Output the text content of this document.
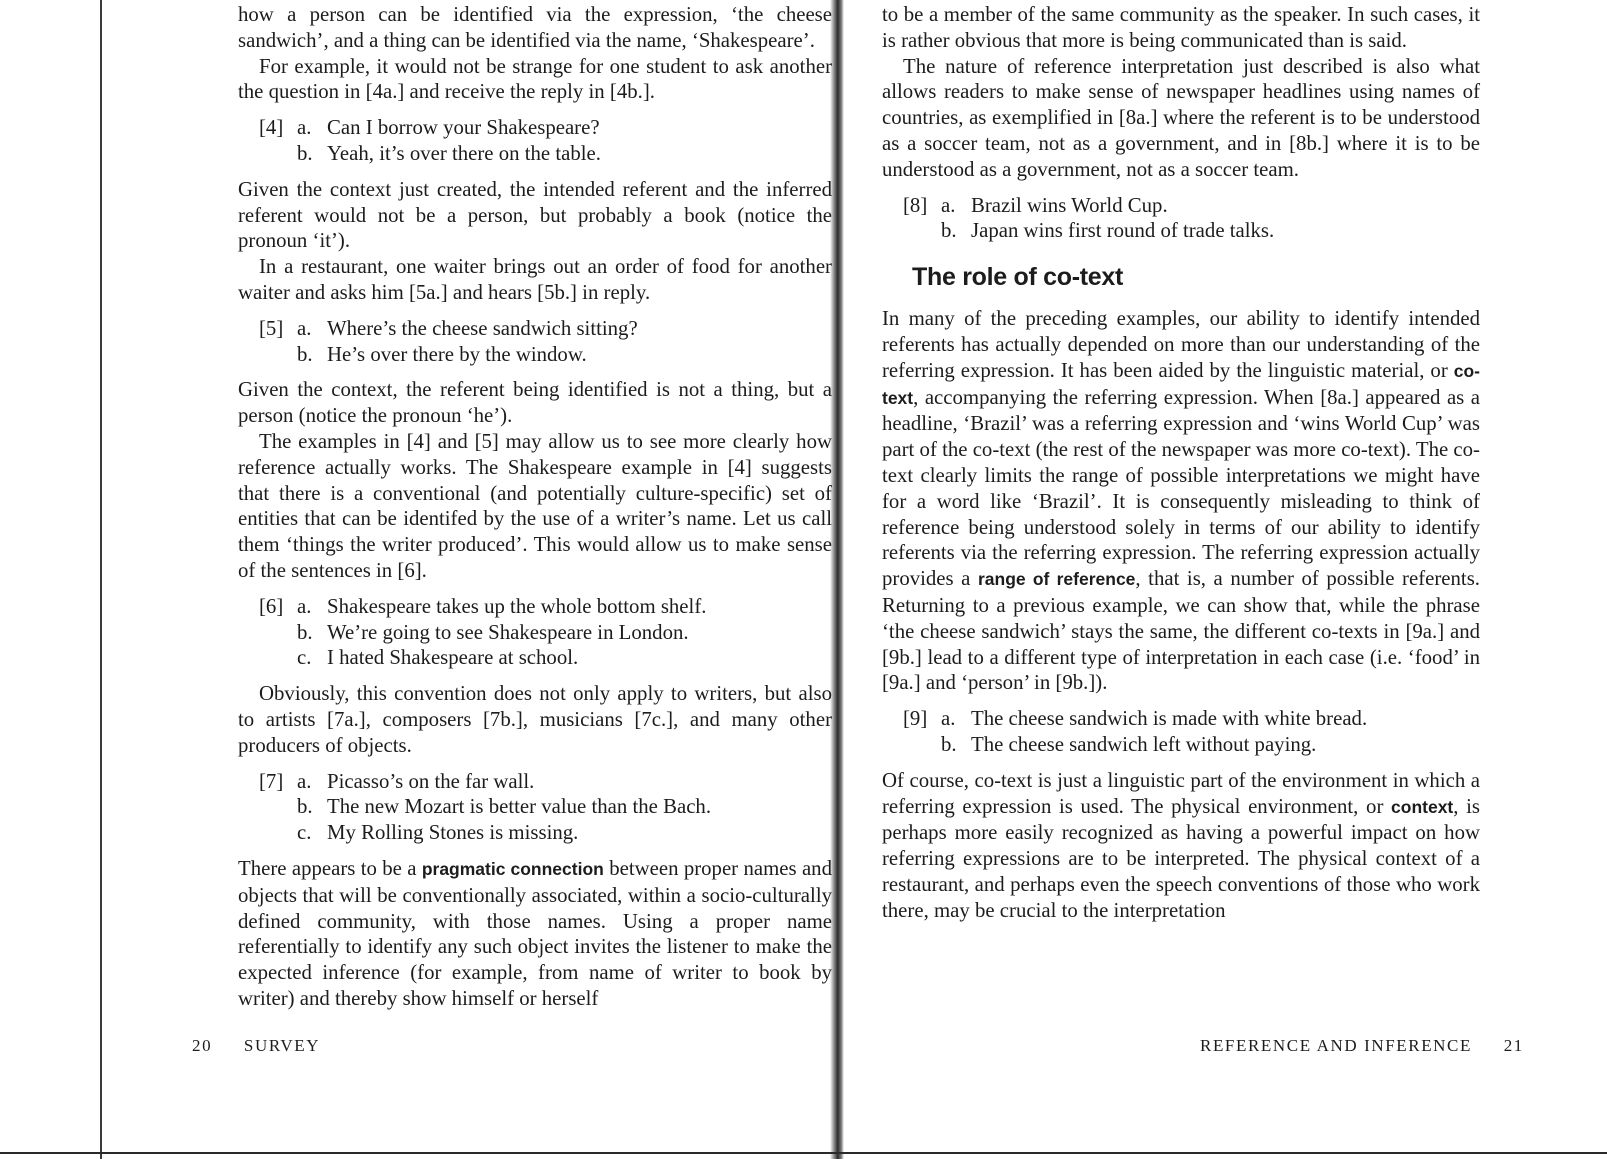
how a person can be identified via the expression, ‘the cheese sandwich’, and a thing can be identified via the name, ‘Shakespeare’.

For example, it would not be strange for one student to ask another the question in [4a.] and receive the reply in [4b.].

[4] a. Can I borrow your Shakespeare?
b. Yeah, it’s over there on the table.

Given the context just created, the intended referent and the inferred referent would not be a person, but probably a book (notice the pronoun ‘it’).

In a restaurant, one waiter brings out an order of food for another waiter and asks him [5a.] and hears [5b.] in reply.

[5] a. Where’s the cheese sandwich sitting?
b. He’s over there by the window.

Given the context, the referent being identified is not a thing, but a person (notice the pronoun ‘he’).

The examples in [4] and [5] may allow us to see more clearly how reference actually works. The Shakespeare example in [4] suggests that there is a conventional (and potentially culture-specific) set of entities that can be identifed by the use of a writer’s name. Let us call them ‘things the writer produced’. This would allow us to make sense of the sentences in [6].

[6] a. Shakespeare takes up the whole bottom shelf.
b. We’re going to see Shakespeare in London.
c. I hated Shakespeare at school.

Obviously, this convention does not only apply to writers, but also to artists [7a.], composers [7b.], musicians [7c.], and many other producers of objects.

[7] a. Picasso’s on the far wall.
b. The new Mozart is better value than the Bach.
c. My Rolling Stones is missing.

There appears to be a pragmatic connection between proper names and objects that will be conventionally associated, within a socio-culturally defined community, with those names. Using a proper name referentially to identify any such object invites the listener to make the expected inference (for example, from name of writer to book by writer) and thereby show himself or herself

20 SURVEY

to be a member of the same community as the speaker. In such cases, it is rather obvious that more is being communicated than is said.

The nature of reference interpretation just described is also what allows readers to make sense of newspaper headlines using names of countries, as exemplified in [8a.] where the referent is to be understood as a soccer team, not as a government, and in [8b.] where it is to be understood as a government, not as a soccer team.

[8] a. Brazil wins World Cup.
b. Japan wins first round of trade talks.
The role of co-text

In many of the preceding examples, our ability to identify intended referents has actually depended on more than our understanding of the referring expression. It has been aided by the linguistic material, or co-text, accompanying the referring expression. When [8a.] appeared as a headline, ‘Brazil’ was a referring expression and ‘wins World Cup’ was part of the co-text (the rest of the newspaper was more co-text). The co-text clearly limits the range of possible interpretations we might have for a word like ‘Brazil’. It is consequently misleading to think of reference being understood solely in terms of our ability to identify referents via the referring expression. The referring expression actually provides a range of reference, that is, a number of possible referents. Returning to a previous example, we can show that, while the phrase ‘the cheese sandwich’ stays the same, the different co-texts in [9a.] and [9b.] lead to a different type of interpretation in each case (i.e. ‘food’ in [9a.] and ‘person’ in [9b.]).

[9] a. The cheese sandwich is made with white bread.
b. The cheese sandwich left without paying.

Of course, co-text is just a linguistic part of the environment in which a referring expression is used. The physical environment, or context, is perhaps more easily recognized as having a powerful impact on how referring expressions are to be interpreted. The physical context of a restaurant, and perhaps even the speech conventions of those who work there, may be crucial to the interpretation

REFERENCE AND INFERENCE 21
